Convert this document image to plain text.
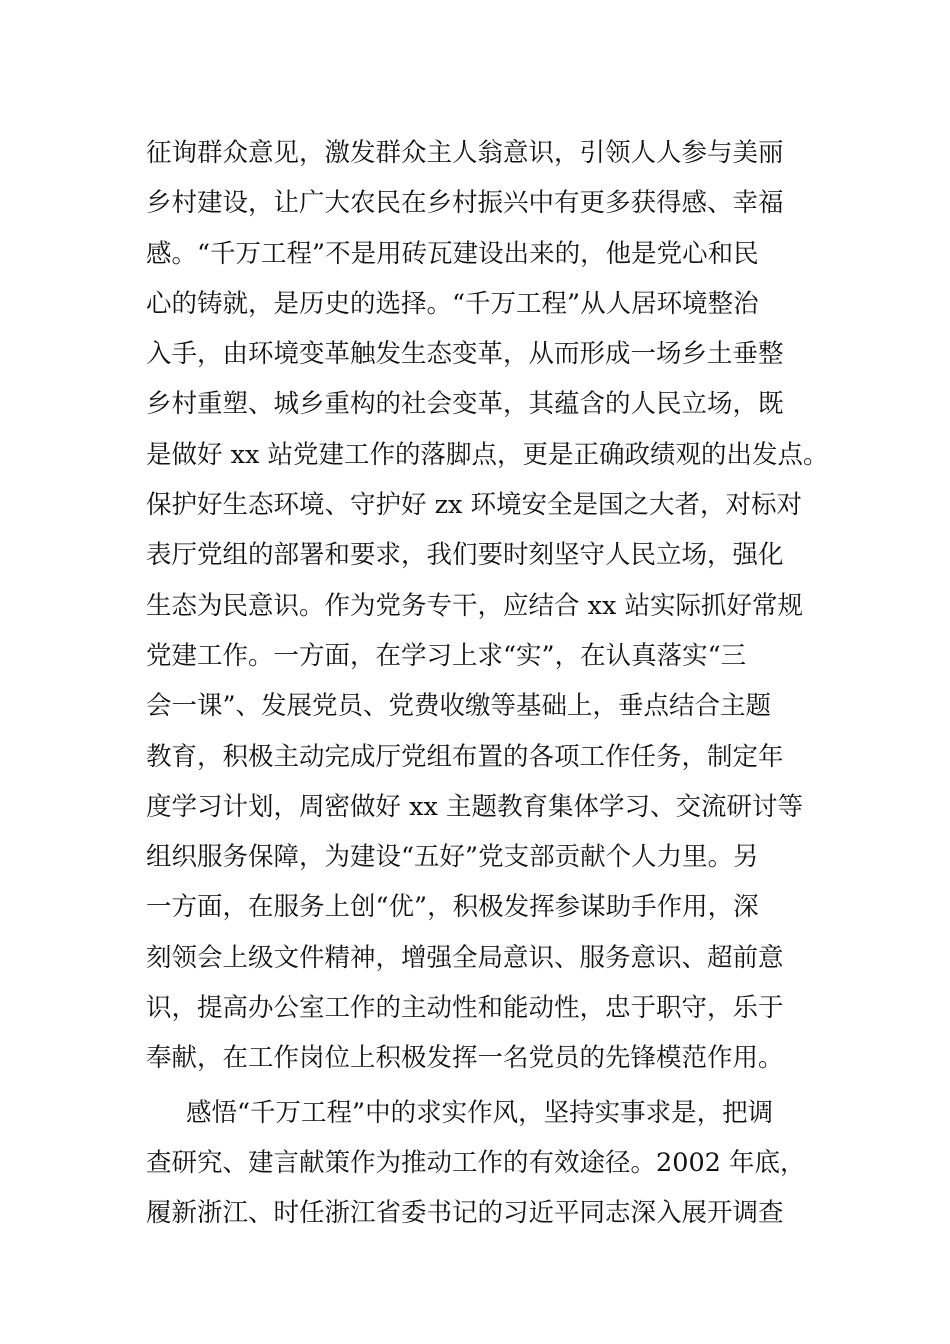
征询群众意见，激发群众主人翁意识，引领人人参与美丽
乡村建设，让广大农民在乡村振兴中有更多获得感、幸福
感。“千万工程”不是用砖瓦建设出来的，他是党心和民
心的铸就，是历史的选择。“千万工程”从人居环境整治
入手，由环境变革触发生态变革，从而形成一场乡土垂整
乡村重塑、城乡重构的社会变革，其蕴含的人民立场，既
是做好 xx 站党建工作的落脚点，更是正确政绩观的出发点。
保护好生态环境、守护好 zx 环境安全是国之大者，对标对
表厅党组的部署和要求，我们要时刻坚守人民立场，强化
生态为民意识。作为党务专干，应结合 xx 站实际抓好常规
党建工作。一方面，在学习上求“实”，在认真落实“三
会一课”、发展党员、党费收缴等基础上，垂点结合主题
教育，积极主动完成厅党组布置的各项工作任务，制定年
度学习计划，周密做好 xx 主题教育集体学习、交流研讨等
组织服务保障，为建设“五好”党支部贡献个人力里。另
一方面，在服务上创“优”，积极发挥参谋助手作用，深
刻领会上级文件精神，增强全局意识、服务意识、超前意
识，提高办公室工作的主动性和能动性，忠于职守，乐于
奉献，在工作岗位上积极发挥一名党员的先锋模范作用。
感悟“千万工程”中的求实作风，坚持实事求是，把调
查研究、建言献策作为推动工作的有效途径。2002 年底，
履新浙江、时任浙江省委书记的习近平同志深入展开调查
